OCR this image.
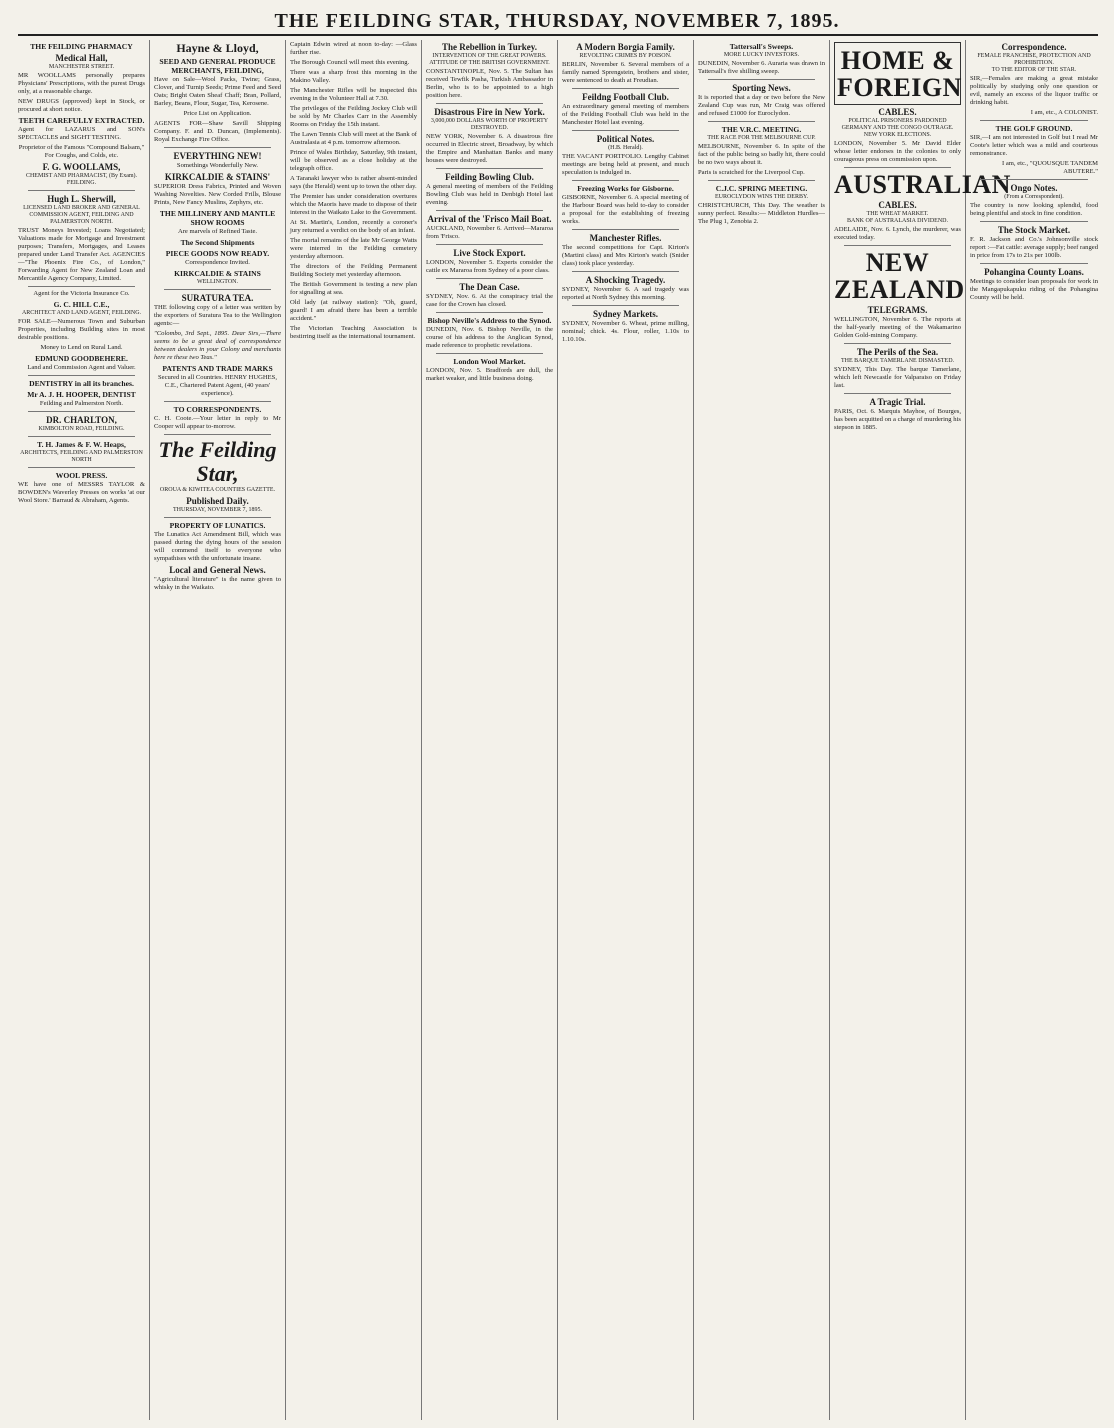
THE FEILDING STAR, THURSDAY, NOVEMBER 7, 1895.
THE FEILDING PHARMACY
Medical Hall,
MANCHESTER STREET.
MR WOOLLAMS personally prepares Physicians' Prescriptions, with the purest Drugs only, at a reasonable charge.
NEW DRUGS (approved) kept in Stock, or procured at short notice.
TEETH CAREFULLY EXTRACTED.
Agent for LAZARUS and SON's SPECTACLES and SIGHT TESTING.
Proprietor of the Famous "Compound Balsam," For Coughs, and Colds, etc.
F. G. WOOLLAMS,
CHEMIST AND PHARMACIST, (By Exam). FEILDING.
Hugh L. Sherwill,
LICENSED LAND BROKER AND GENERAL COMMISSION AGENT, FEILDING AND PALMERSTON NORTH.
TRUST Moneys Invested; Loans Negotiated; Valuations made for Mortgage and Investment purposes; Transfers, Mortgages, and Leases prepared under Land Transfer Act. AGENCIES—"The Phoenix Fire Co., of London," Forwarding Agent for New Zealand Loan and Mercantile Agency Company, Limited.
Agent for the Victoria Insurance Co.
G. C. HILL C.E.,
ARCHITECT AND LAND AGENT, FEILDING.
FOR SALE—Numerous Town and Suburban Properties, including Building sites in most desirable positions.
Money to Lend on Rural Land.
EDMUND GOODBEHERE.
Land and Commission Agent and Valuer.
DENTISTRY in all its branches.
Mr A. J. H. HOOPER, DENTIST
Feilding and Palmerston North.
DR. CHARLTON,
KIMBOLTON ROAD, FEILDING.
T. H. James & F. W. Heaps,
ARCHITECTS, FEILDING AND PALMERSTON NORTH
WOOL PRESS.
WE have one of MESSRS TAYLOR & BOWDEN's Waverley Presses on works 'at our Wool Store.' Barraud & Abraham, Agents.
Hayne & Lloyd,
SEED AND GENERAL PRODUCE MERCHANTS, FEILDING,
Have on Sale—Wool Packs, Twine; Grass, Clover, and Turnip Seeds; Prime Feed and Seed Oats; Bright Oaten Sheaf Chaff; Bran, Pollard, Barley, Beans, Flour, Sugar, Tea, Kerosene.
Price List on Application.
AGENTS FOR—Shaw Savill Shipping Company. F. and D. Duncan, (Implements). Royal Exchange Fire Office.
EVERYTHING NEW!
Somethings Wonderfully New.
KIRKCALDIE & STAINS'
SUPERIOR Dress Fabrics, Printed and Woven Washing Novelties. New Corded Frills, Blouse Prints, New Fancy Muslins, Zephyrs, etc.
THE MILLINERY AND MANTLE SHOW ROOMS
Are marvels of Refined Taste.
The Second Shipments
PIECE GOODS NOW READY.
Correspondence Invited.
KIRKCALDIE & STAINS
WELLINGTON.
SURATURA TEA.
THE following copy of a letter was written by the exporters of Suratura Tea to the Wellington agents:—
"Colombo, 3rd Sept., 1895. Dear Sirs,—There seems to be a great deal of correspondence between dealers in your Colony and merchants here re these two Teas."
PATENTS AND TRADE MARKS
Secured in all Countries. HENRY HUGHES, C.E., Chartered Patent Agent, (40 years' experience).
TO CORRESPONDENTS.
C. H. Coote.—Your letter in reply to Mr Cooper will appear to-morrow.
The Feilding Star,
OROUA & KIWITEA COUNTIES GAZETTE.
Published Daily.
THURSDAY, NOVEMBER 7, 1895.
PROPERTY OF LUNATICS.
The Lunatics Act Amendment Bill, which was passed during the dying hours of the session will commend itself to everyone who sympathises with the unfortunate insane.
Local and General News.
"Agricultural literature" is the name given to whisky in the Waikato.
Captain Edwin wired at noon to-day: —Glass further rise.
The Borough Council will meet this evening.
There was a sharp frost this morning in the Makino Valley.
The Manchester Rifles will be inspected this evening in the Volunteer Hall at 7.30.
The privileges of the Feilding Jockey Club will be sold by Mr Charles Carr in the Assembly Rooms on Friday the 15th instant.
The Lawn Tennis Club will meet at the Bank of Australasia at 4 p.m. tomorrow afternoon.
Prince of Wales Birthday, Saturday, 9th instant, will be observed as a close holiday at the telegraph office.
A Taranaki lawyer who is rather absent-minded says (the Herald) went up to town the other day.
The Premier has under consideration overtures which the Maoris have made to dispose of their interest in the Waikato Lake to the Government.
At St. Martin's, London, recently a coroner's jury returned a verdict on the body of an infant.
The mortal remains of the late Mr George Watts were interred in the Feilding cemetery yesterday afternoon.
The directors of the Feilding Permanent Building Society met yesterday afternoon.
The British Government is testing a new plan for signalling at sea.
Old lady (at railway station): "Oh, guard, guard! I am afraid there has been a terrible accident."
The Victorian Teaching Association is bestirring itself as the international tournament.
The Rebellion in Turkey.
INTERVENTION OF THE GREAT POWERS.
ATTITUDE OF THE BRITISH GOVERNMENT.
CONSTANTINOPLE, Nov. 5. The Sultan has received Tewfik Pasha, Turkish Ambassador in Berlin, who is to be appointed to a high position here.
Disastrous Fire in New York.
3,000,000 DOLLARS WORTH OF PROPERTY DESTROYED.
NEW YORK, November 6. A disastrous fire occurred in Electric street, Broadway, by which the Empire and Manhattan Banks and many houses were destroyed.
Feilding Bowling Club.
A general meeting of members of the Feilding Bowling Club was held in Denbigh Hotel last evening.
Arrival of the 'Frisco Mail Boat.
AUCKLAND, November 6. Arrived—Mararoa from 'Frisco.
Live Stock Export.
LONDON, November 5. Experts consider the cattle ex Mararoa from Sydney of a poor class.
The Dean Case.
SYDNEY, Nov. 6. At the conspiracy trial the case for the Crown has closed.
Bishop Neville's Address to the Synod.
DUNEDIN, Nov. 6. Bishop Neville, in the course of his address to the Anglican Synod, made reference to prophetic revelations.
London Wool Market.
LONDON, Nov. 5. Bradfords are dull, the market weaker, and little business doing.
A Modern Borgia Family.
REVOLTING CRIMES BY POISON.
BERLIN, November 6. Several members of a family named Sprengstein, brothers and sister, were sentenced to death at Freudian.
Feildng Football Club.
An extraordinary general meeting of members of the Feilding Football Club was held in the Manchester Hotel last evening.
Political Notes.
(H.B. Herald).
THE VACANT PORTFOLIO. Lengthy Cabinet meetings are being held at present, and much speculation is indulged in.
Freezing Works for Gisborne.
GISBORNE, November 6. A special meeting of the Harbour Board was held to-day to consider a proposal for the establishing of freezing works.
Manchester Rifles.
The second competitions for Capt. Kirton's (Martini class) and Mrs Kirton's watch (Snider class) took place yesterday.
A Shocking Tragedy.
SYDNEY, November 6. A sad tragedy was reported at North Sydney this morning.
Sydney Markets.
SYDNEY, November 6. Wheat, prime milling, nominal; chick. 4s. Flour, roller, 1.10s to 1.10.10s.
Tattersall's Sweeps.
MORE LUCKY INVESTORS.
DUNEDIN, November 6. Auraria was drawn in Tattersall's five shilling sweep.
Sporting News.
It is reported that a day or two before the New Zealand Cup was run, Mr Craig was offered and refused £1000 for Euroclydon.
THE V.R.C. MEETING.
THE RACE FOR THE MELBOURNE CUP.
MELBOURNE, November 6. In spite of the fact of the public being so badly hit, there could be no two ways about it.
Paris is scratched for the Liverpool Cup.
C.J.C. SPRING MEETING.
EUROCLYDON WINS THE DERBY.
CHRISTCHURCH, This Day. The weather is sunny perfect. Results:— Middleton Hurdles—The Plug 1, Zenobia 2.
HOME & FOREIGN
CABLES.
POLITICAL PRISONERS PARDONED
GERMANY AND THE CONGO OUTRAGE.
NEW YORK ELECTIONS.
LONDON, November 5. Mr David Elder whose letter endorses in the colonies to only courageous press on commission upon.
AUSTRALIAN
CABLES.
THE WHEAT MARKET.
BANK OF AUSTRALASIA DIVIDEND.
ADELAIDE, Nov. 6. Lynch, the murderer, was executed today.
NEW ZEALAND
TELEGRAMS.
WELLINGTON, November 6. The reports at the half-yearly meeting of the Wakamarino Golden Gold-mining Company.
The Perils of the Sea.
THE BARQUE TAMERLANE DISMASTED.
SYDNEY, This Day. The barque Tamerlane, which left Newcastle for Valparaiso on Friday last.
A Tragic Trial.
PARIS, Oct. 6. Marquis Mayhoe, of Bourges, has been acquitted on a charge of murdering his stepson in 1885.
Correspondence.
FEMALE FRANCHISE, PROTECTION AND PROHIBITION.
TO THE EDITOR OF THE STAR.
SIR,—Females are making a great mistake politically by studying only one question or evil, namely an excess of the liquor traffic or drinking habit.
I am, etc., A COLONIST.
THE GOLF GROUND.
SIR,—I am not interested in Golf but I read Mr Coote's letter which was a mild and courteous remonstrance.
I am, etc., "QUOUSQUE TANDEM ABUTERE."
Ongo Notes.
(From a Correspondent).
The country is now looking splendid, food being plentiful and stock in fine condition.
The Stock Market.
F. R. Jackson and Co.'s Johnsonville stock report :—Fat cattle: average supply; beef ranged in price from 17s to 21s per 100lb.
Pohangina County Loans.
Meetings to consider loan proposals for work in the Mangapukapuku riding of the Pohangina County will be held.
